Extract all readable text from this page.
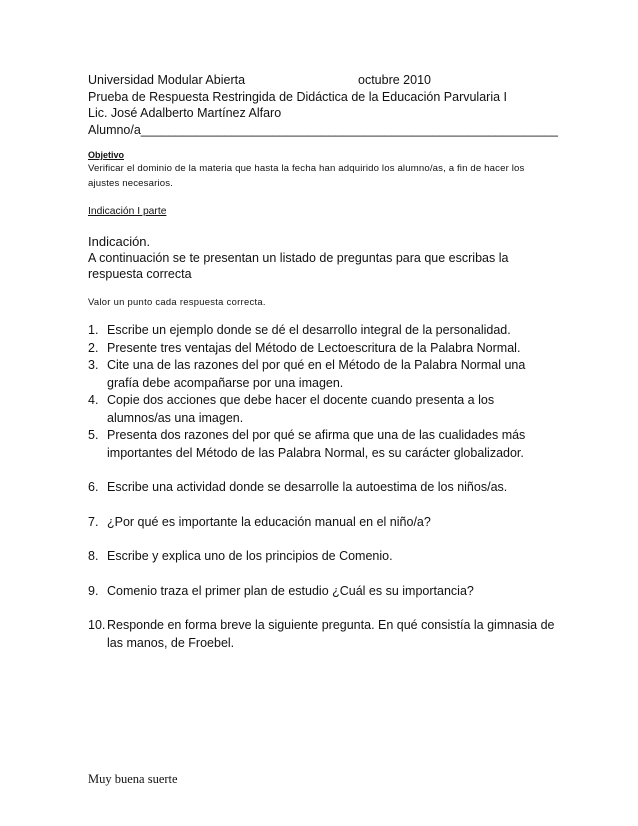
Universidad Modular Abierta	octubre 2010
Prueba de Respuesta Restringida de Didáctica de la Educación Parvularia I
Lic. José Adalberto Martínez Alfaro
Alumno/a____________________________________________________________
Objetivo
Verificar el dominio de la materia que hasta la fecha han adquirido los alumno/as, a fin de hacer los ajustes necesarios.
Indicación I parte
Indicación.
A continuación se te presentan un listado de preguntas para que escribas la respuesta correcta
Valor un punto cada respuesta correcta.
1. Escribe un ejemplo donde se dé el desarrollo integral de la personalidad.
2. Presente tres ventajas del Método de Lectoescritura de la Palabra Normal.
3. Cite una de las razones del por qué en el Método de la Palabra Normal una grafía debe acompañarse por una imagen.
4. Copie dos acciones que debe hacer el docente cuando presenta a los alumnos/as una imagen.
5. Presenta dos razones del por qué se afirma que una de las cualidades más importantes del Método de las Palabra Normal, es su carácter globalizador.
6. Escribe una actividad donde se desarrolle la autoestima de los niños/as.
7. ¿Por qué es importante la educación manual en el niño/a?
8. Escribe y explica uno de los principios de Comenio.
9. Comenio traza el primer plan de estudio ¿Cuál es su importancia?
10. Responde en forma breve la siguiente pregunta. En qué consistía la gimnasia de las manos, de Froebel.
Muy buena suerte
